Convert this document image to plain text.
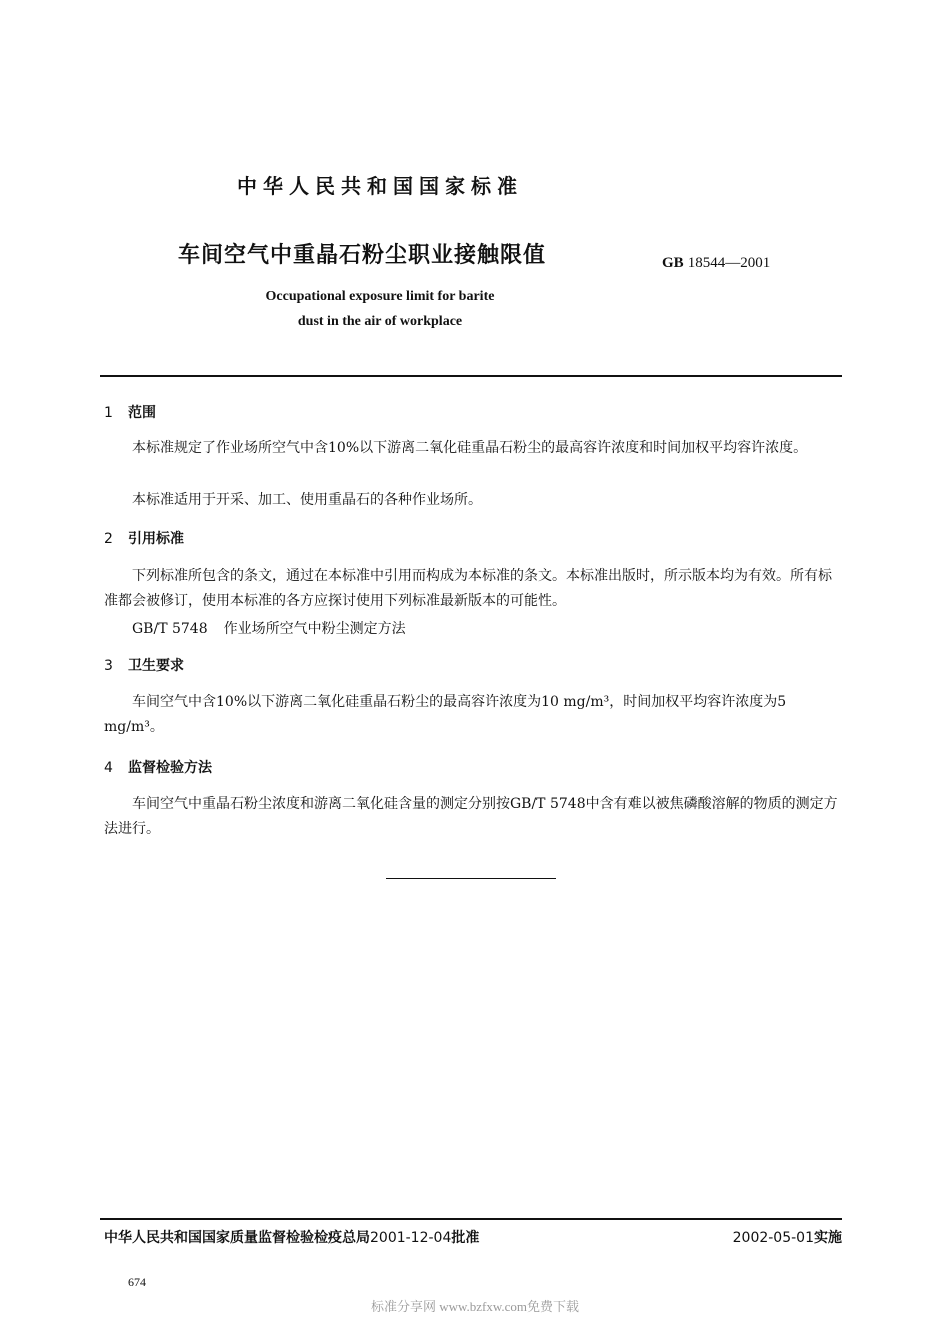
中华人民共和国国家标准
车间空气中重晶石粉尘职业接触限值	GB 18544—2001
Occupational exposure limit for barite
dust in the air of workplace
1 范围
本标准规定了作业场所空气中含10%以下游离二氧化硅重晶石粉尘的最高容许浓度和时间加权平均容许浓度。
本标准适用于开采、加工、使用重晶石的各种作业场所。
2 引用标准
下列标准所包含的条文，通过在本标准中引用而构成为本标准的条文。本标准出版时，所示版本均为有效。所有标准都会被修订，使用本标准的各方应探讨使用下列标准最新版本的可能性。
GB/T 5748 作业场所空气中粉尘测定方法
3 卫生要求
车间空气中含10%以下游离二氧化硅重晶石粉尘的最高容许浓度为10 mg/m³，时间加权平均容许浓度为5 mg/m³。
4 监督检验方法
车间空气中重晶石粉尘浓度和游离二氧化硅含量的测定分别按GB/T 5748中含有难以被焦磷酸溶解的物质的测定方法进行。
中华人民共和国国家质量监督检验检疫总局2001-12-04批准	2002-05-01实施
674
标准分享网 www.bzfxw.com免费下载
